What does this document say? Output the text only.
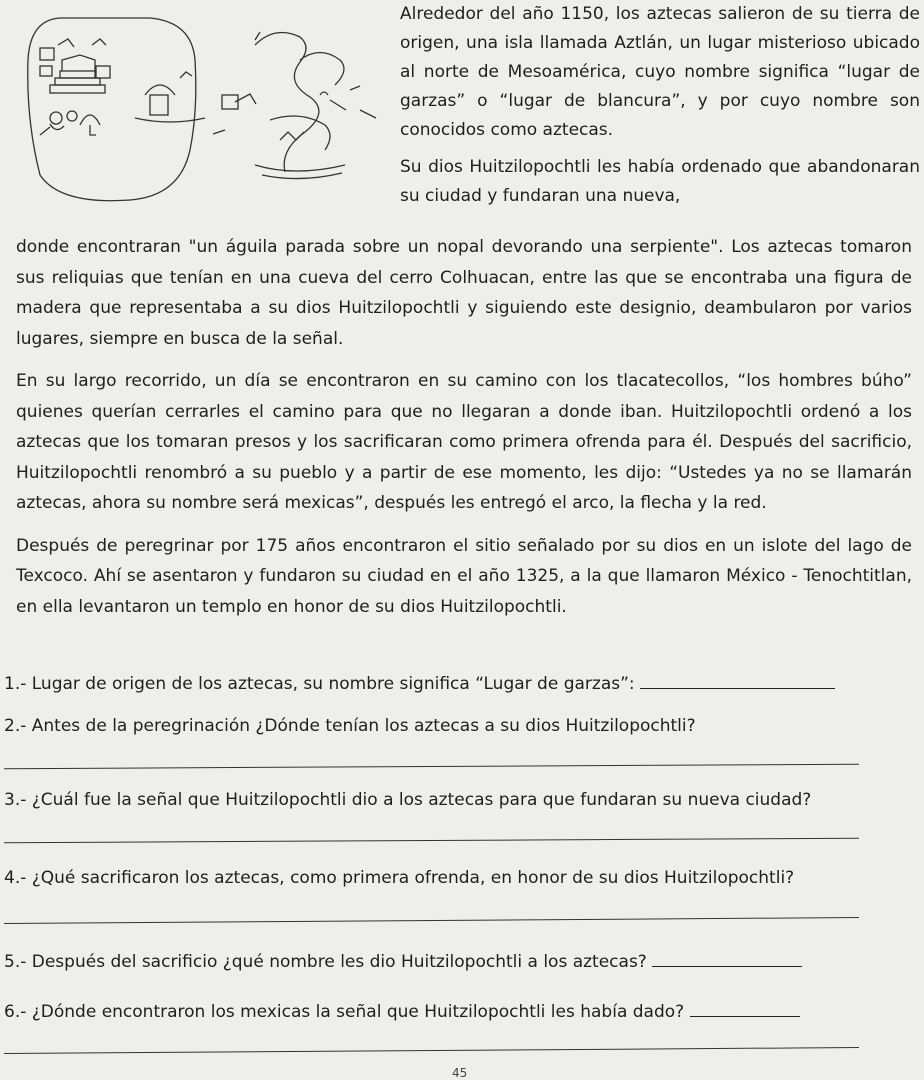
Alrededor del año 1150, los aztecas salieron de su tierra de origen, una isla llamada Aztlán, un lugar misterioso ubicado al norte de Mesoamérica, cuyo nombre significa “lugar de garzas” o “lugar de blancura”, y por cuyo nombre son conocidos como aztecas.

Su dios Huitzilopochtli les había ordenado que abandonaran su ciudad y fundaran una nueva,

donde encontraran "un águila parada sobre un nopal devorando una serpiente". Los aztecas tomaron sus reliquias que tenían en una cueva del cerro Colhuacan, entre las que se encontraba una figura de madera que representaba a su dios Huitzilopochtli y siguiendo este designio, deambularon por varios lugares, siempre en busca de la señal.

En su largo recorrido, un día se encontraron en su camino con los tlacatecollos, “los hombres búho” quienes querían cerrarles el camino para que no llegaran a donde iban. Huitzilopochtli ordenó a los aztecas que los tomaran presos y los sacrificaran como primera ofrenda para él. Después del sacrificio, Huitzilopochtli renombró a su pueblo y a partir de ese momento, les dijo: “Ustedes ya no se llamarán aztecas, ahora su nombre será mexicas”, después les entregó el arco, la flecha y la red.

Después de peregrinar por 175 años encontraron el sitio señalado por su dios en un islote del lago de Texcoco. Ahí se asentaron y fundaron su ciudad en el año 1325, a la que llamaron México - Tenochtitlan, en ella levantaron un templo en honor de su dios Huitzilopochtli.

1.- Lugar de origen de los aztecas, su nombre significa “Lugar de garzas”:
2.- Antes de la peregrinación ¿Dónde tenían los aztecas a su dios Huitzilopochtli?
3.- ¿Cuál fue la señal que Huitzilopochtli dio a los aztecas para que fundaran su nueva ciudad?
4.- ¿Qué sacrificaron los aztecas, como primera ofrenda, en honor de su dios Huitzilopochtli?
5.- Después del sacrificio ¿qué nombre les dio Huitzilopochtli a los aztecas?
6.- ¿Dónde encontraron los mexicas la señal que Huitzilopochtli les había dado?
45
